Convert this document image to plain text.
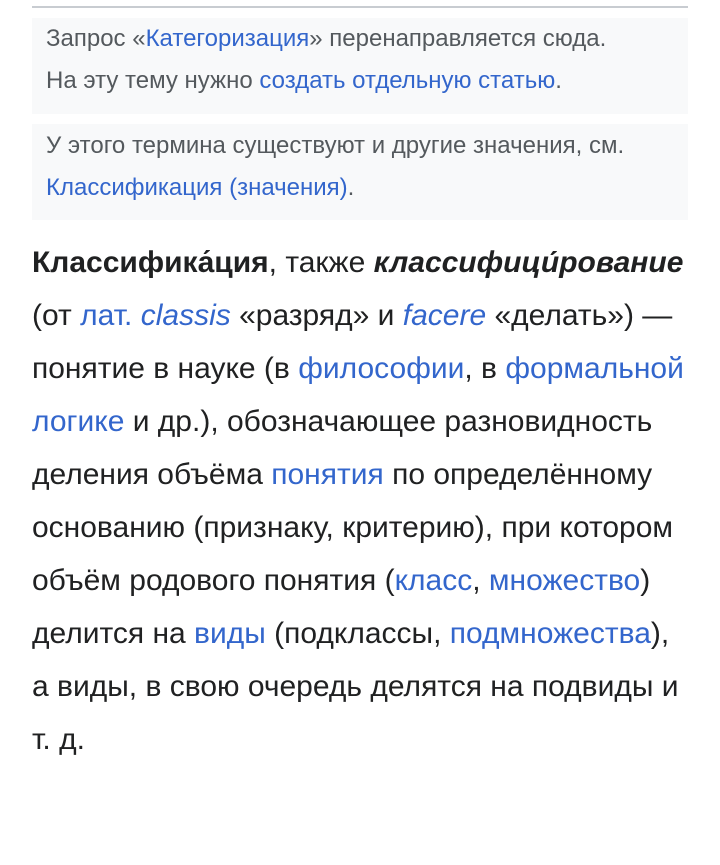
Запрос «Категоризация» перенаправляется сюда.
На эту тему нужно создать отдельную статью.
У этого термина существуют и другие значения, см. Классификация (значения).
Классифика́ция, также классифици́рование (от лат. classis «разряд» и facere «делать») — понятие в науке (в философии, в формальной логике и др.), обозначающее разновидность деления объёма понятия по определённому основанию (признаку, критерию), при котором объём родового понятия (класс, множество) делится на виды (подклассы, подмножества), а виды, в свою очередь делятся на подвиды и т. д.
